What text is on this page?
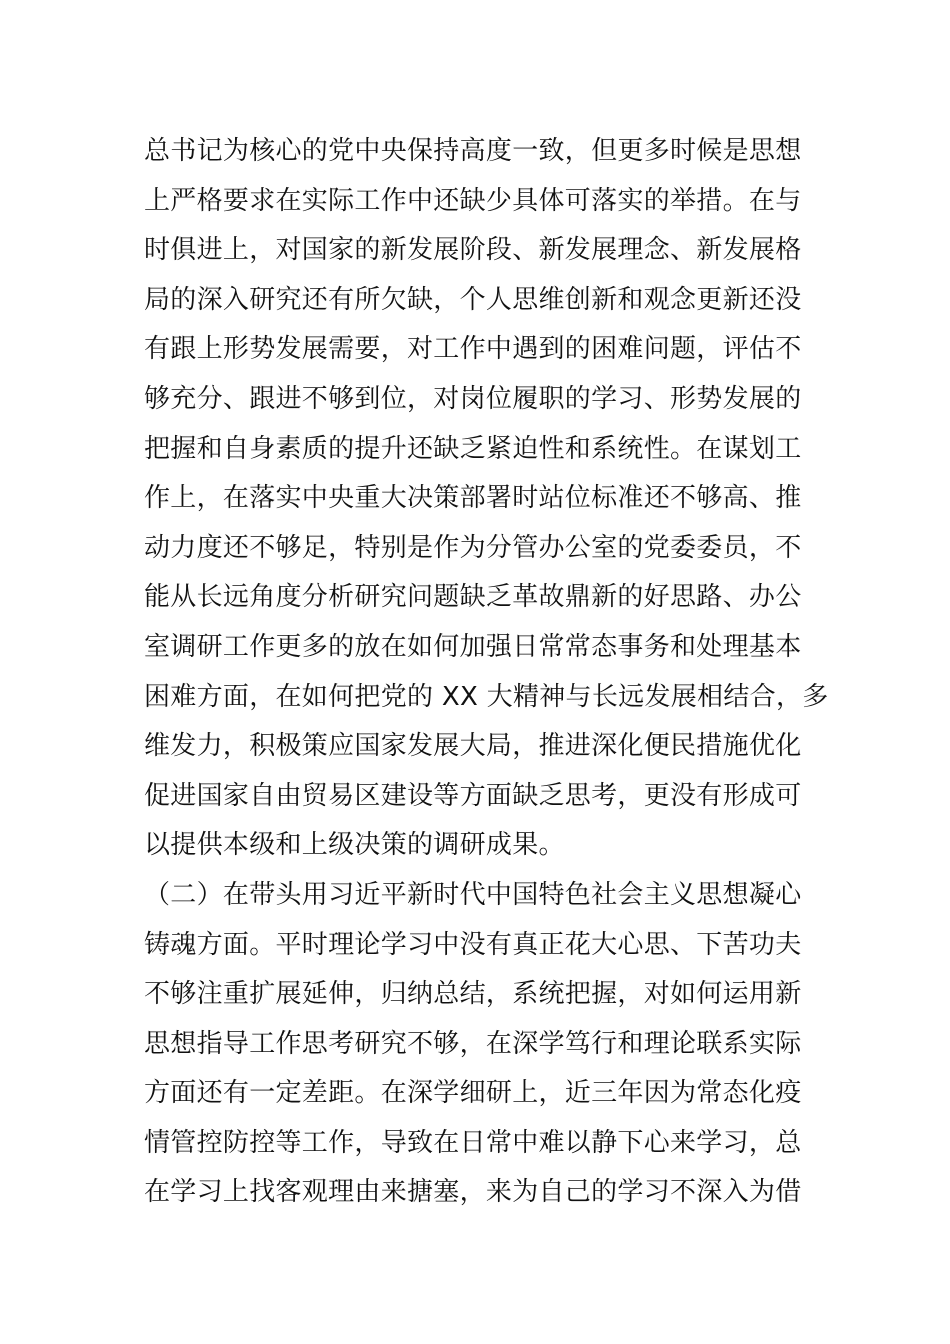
总书记为核心的党中央保持高度一致，但更多时候是思想
上严格要求在实际工作中还缺少具体可落实的举措。在与
时俱进上，对国家的新发展阶段、新发展理念、新发展格
局的深入研究还有所欠缺，个人思维创新和观念更新还没
有跟上形势发展需要，对工作中遇到的困难问题，评估不
够充分、跟进不够到位，对岗位履职的学习、形势发展的
把握和自身素质的提升还缺乏紧迫性和系统性。在谋划工
作上，在落实中央重大决策部署时站位标准还不够高、推
动力度还不够足，特别是作为分管办公室的党委委员，不
能从长远角度分析研究问题缺乏革故鼎新的好思路、办公
室调研工作更多的放在如何加强日常常态事务和处理基本
困难方面，在如何把党的 XX 大精神与长远发展相结合，多
维发力，积极策应国家发展大局，推进深化便民措施优化
促进国家自由贸易区建设等方面缺乏思考，更没有形成可
以提供本级和上级决策的调研成果。
（二）在带头用习近平新时代中国特色社会主义思想凝心
铸魂方面。平时理论学习中没有真正花大心思、下苦功夫
不够注重扩展延伸，归纳总结，系统把握，对如何运用新
思想指导工作思考研究不够，在深学笃行和理论联系实际
方面还有一定差距。在深学细研上，近三年因为常态化疫
情管控防控等工作，导致在日常中难以静下心来学习，总
在学习上找客观理由来搪塞，来为自己的学习不深入为借
